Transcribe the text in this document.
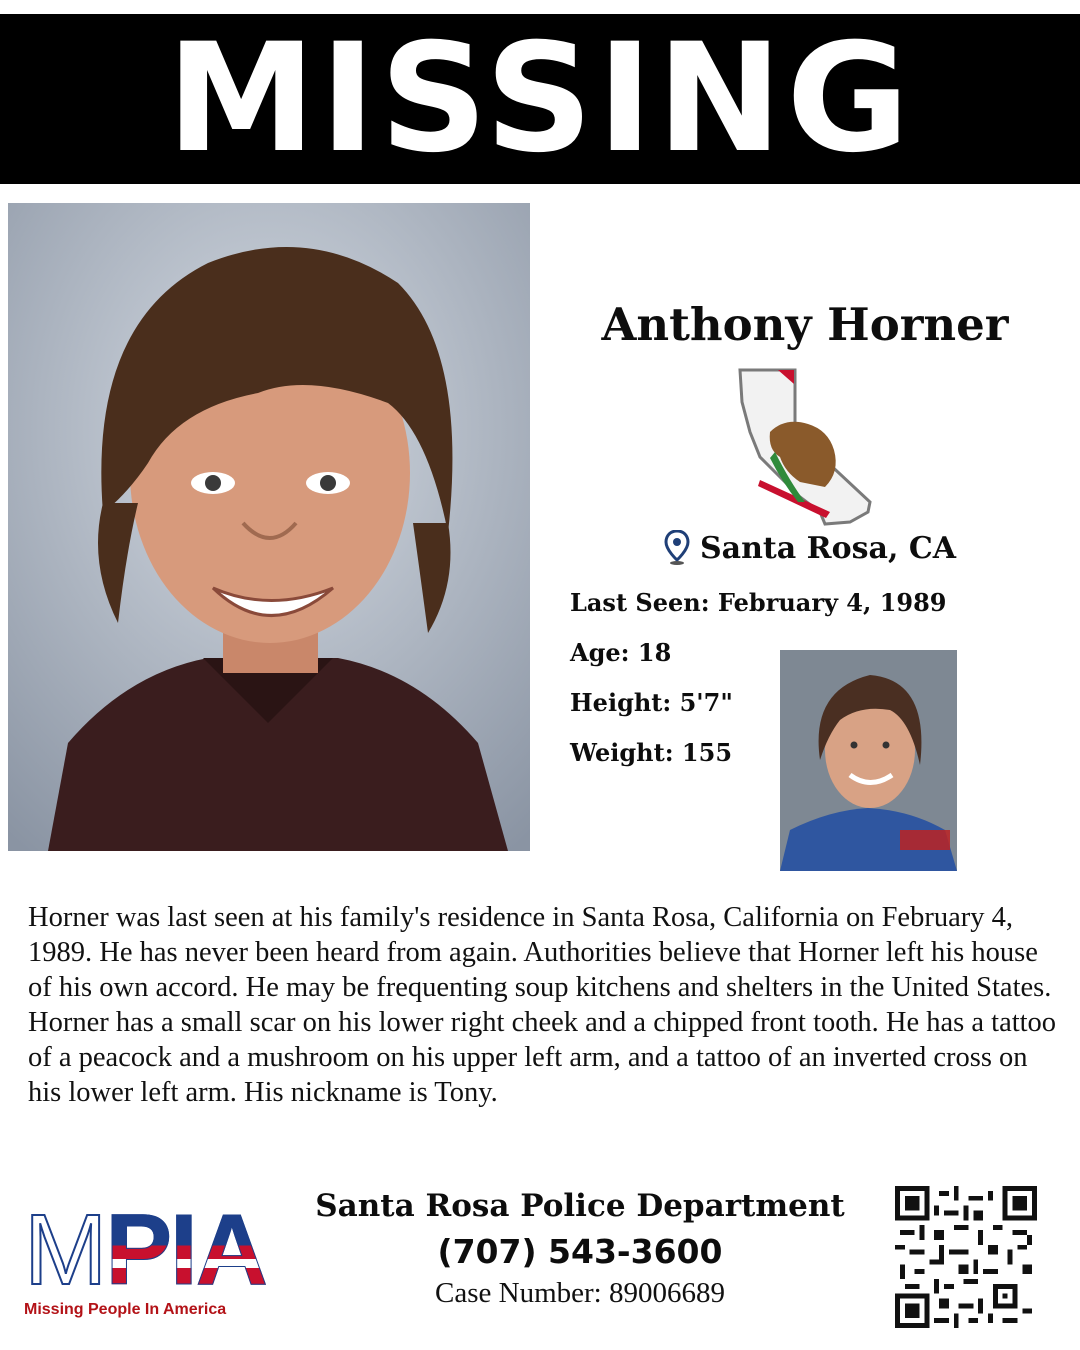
MISSING
Anthony Horner
Santa Rosa, CA
Last Seen: February 4, 1989
Age: 18
Height: 5'7"
Weight: 155
Horner was last seen at his family's residence in Santa Rosa, California on February 4, 1989. He has never been heard from again. Authorities believe that Horner left his house of his own accord. He may be frequenting soup kitchens and shelters in the United States. Horner has a small scar on his lower right cheek and a chipped front tooth. He has a tattoo of a peacock and a mushroom on his upper left arm, and a tattoo of an inverted cross on his lower left arm. His nickname is Tony.
M PIA
Missing People In America
Santa Rosa Police Department
(707) 543-3600
Case Number: 89006689
